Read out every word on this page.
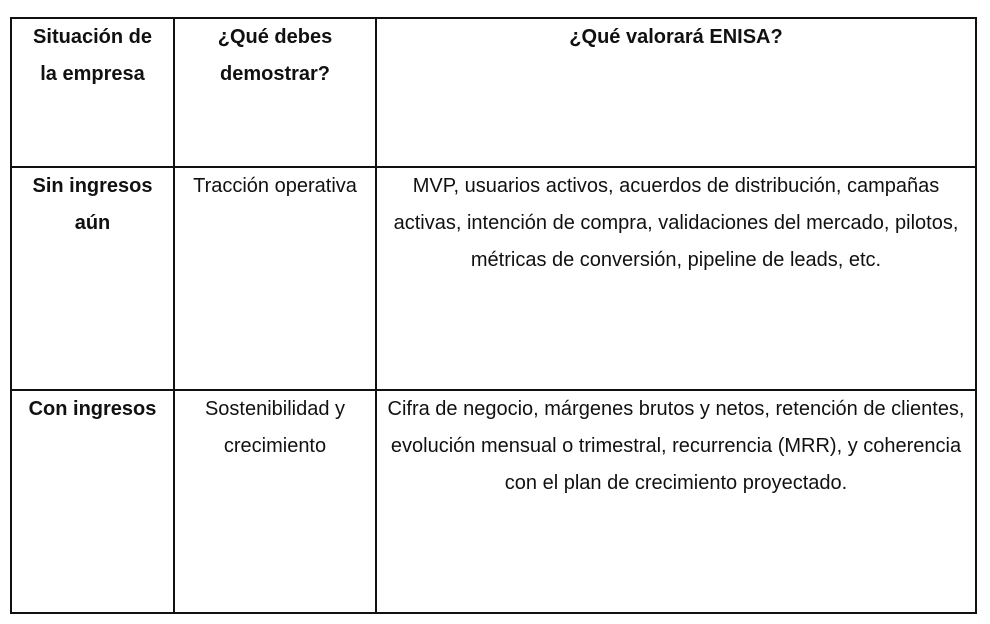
Situación de la empresa	¿Qué debes demostrar?	¿Qué valorará ENISA?

Sin ingresos aún	Tracción operativa	MVP, usuarios activos, acuerdos de distribución, campañas activas, intención de compra, validaciones del mercado, pilotos, métricas de conversión, pipeline de leads, etc.

Con ingresos	Sostenibilidad y crecimiento	Cifra de negocio, márgenes brutos y netos, retención de clientes, evolución mensual o trimestral, recurrencia (MRR), y coherencia con el plan de crecimiento proyectado.
